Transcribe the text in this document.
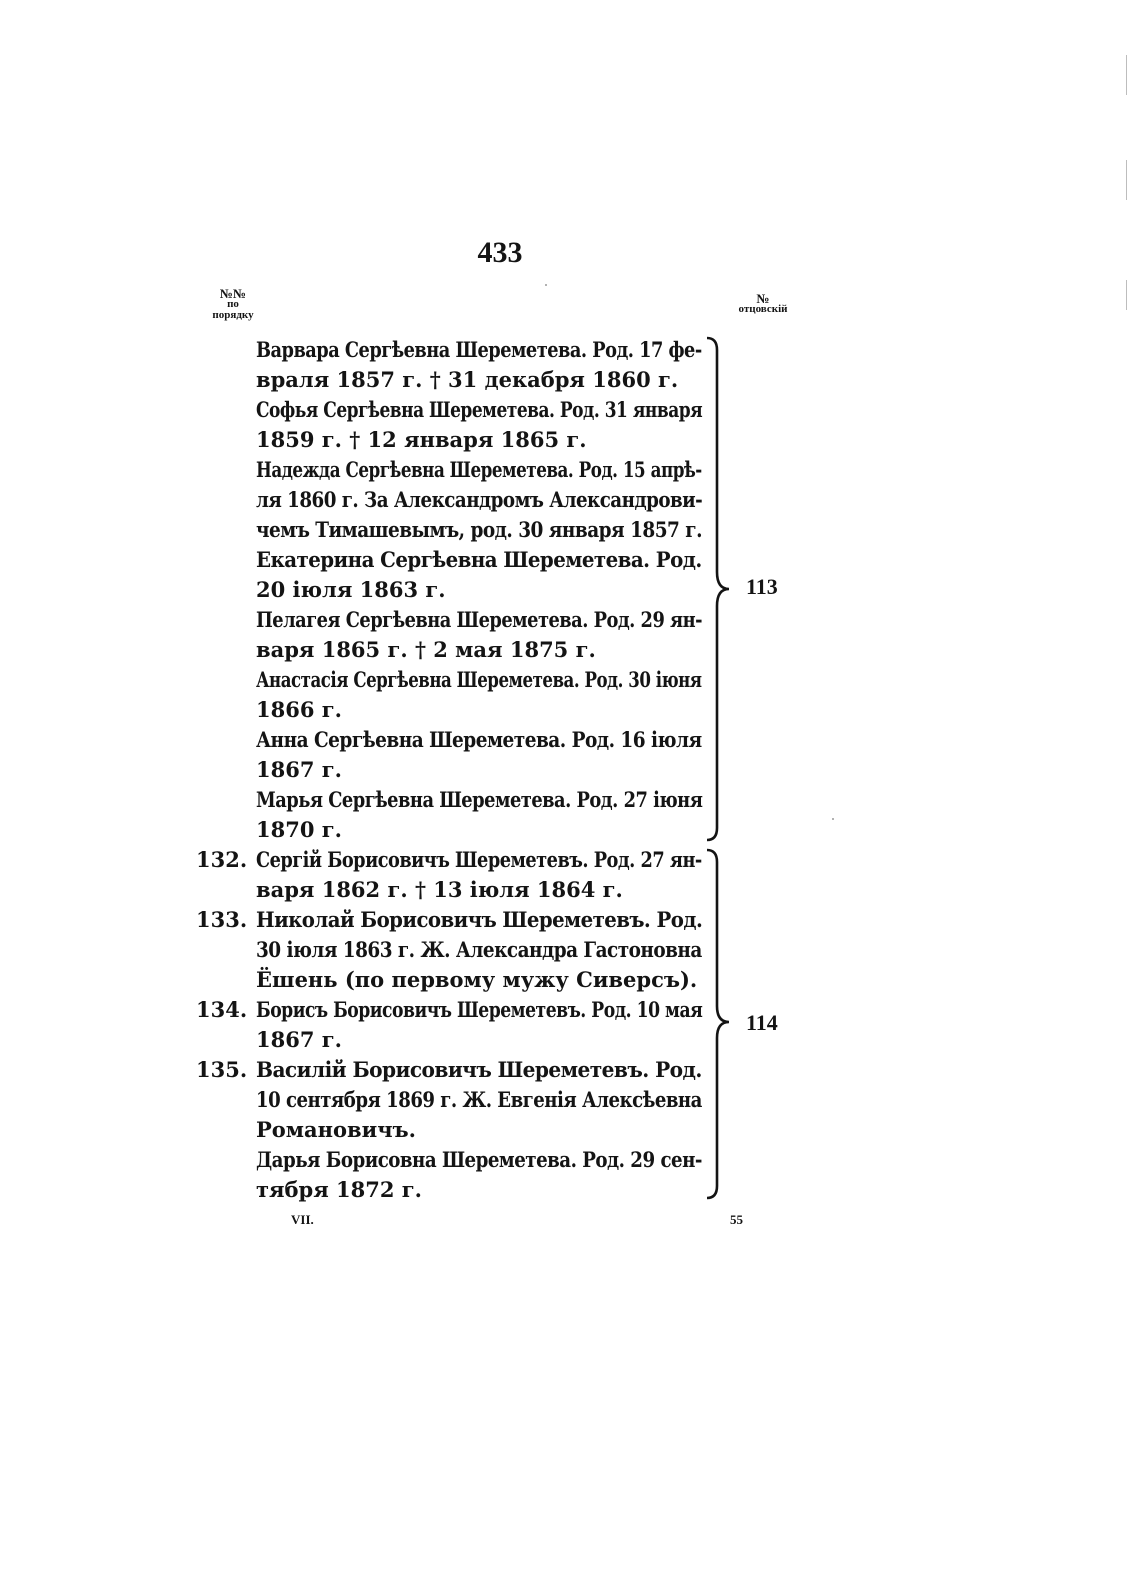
433
№№
по
порядку
№
отцовскій
Варвара Сергѣевна Шереметева. Род. 17 фе-
враля 1857 г. † 31 декабря 1860 г.
Софья Сергѣевна Шереметева. Род. 31 января
1859 г. † 12 января 1865 г.
Надежда Сергѣевна Шереметева. Род. 15 апрѣ-
ля 1860 г. За Александромъ Александрови-
чемъ Тимашевымъ, род. 30 января 1857 г.
Екатерина Сергѣевна Шереметева. Род.
20 іюля 1863 г.
Пелагея Сергѣевна Шереметева. Род. 29 ян-
варя 1865 г. † 2 мая 1875 г.
Анастасія Сергѣевна Шереметева. Род. 30 іюня
1866 г.
Анна Сергѣевна Шереметева. Род. 16 іюля
1867 г.
Марья Сергѣевна Шереметева. Род. 27 іюня
1870 г.
113
132. Сергій Борисовичъ Шереметевъ. Род. 27 ян-
варя 1862 г. † 13 іюля 1864 г.
133. Николай Борисовичъ Шереметевъ. Род.
30 іюля 1863 г. Ж. Александра Гастоновна
Ёшень (по первому мужу Сиверсъ).
134. Борисъ Борисовичъ Шереметевъ. Род. 10 мая
1867 г.
135. Василій Борисовичъ Шереметевъ. Род.
10 сентября 1869 г. Ж. Евгенія Алексѣевна
Романовичъ.
Дарья Борисовна Шереметева. Род. 29 сен-
тября 1872 г.
114
VII.	55
